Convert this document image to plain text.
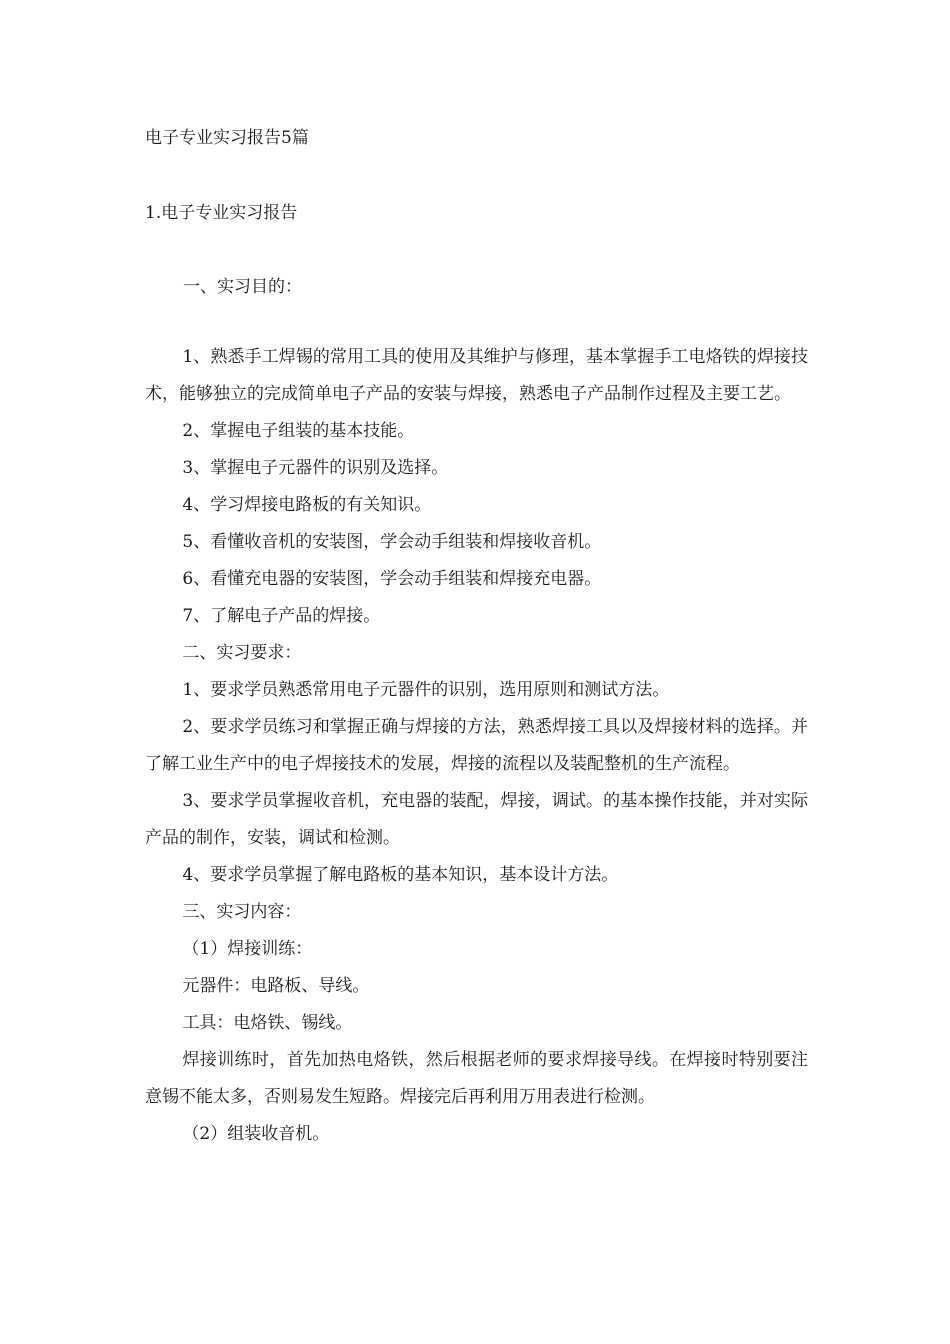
电子专业实习报告5篇
1.电子专业实习报告
一、实习目的：

1、熟悉手工焊锡的常用工具的使用及其维护与修理，基本掌握手工电烙铁的焊接技术，能够独立的完成简单电子产品的安装与焊接，熟悉电子产品制作过程及主要工艺。

2、掌握电子组装的基本技能。

3、掌握电子元器件的识别及选择。

4、学习焊接电路板的有关知识。

5、看懂收音机的安装图，学会动手组装和焊接收音机。

6、看懂充电器的安装图，学会动手组装和焊接充电器。

7、了解电子产品的焊接。

二、实习要求：

1、要求学员熟悉常用电子元器件的识别，选用原则和测试方法。

2、要求学员练习和掌握正确与焊接的方法，熟悉焊接工具以及焊接材料的选择。并了解工业生产中的电子焊接技术的发展，焊接的流程以及装配整机的生产流程。

3、要求学员掌握收音机，充电器的装配，焊接，调试。的基本操作技能，并对实际产品的制作，安装，调试和检测。

4、要求学员掌握了解电路板的基本知识，基本设计方法。

三、实习内容：

（1）焊接训练：

元器件：电路板、导线。

工具：电烙铁、锡线。

焊接训练时，首先加热电烙铁，然后根据老师的要求焊接导线。在焊接时特别要注意锡不能太多，否则易发生短路。焊接完后再利用万用表进行检测。

（2）组装收音机。
